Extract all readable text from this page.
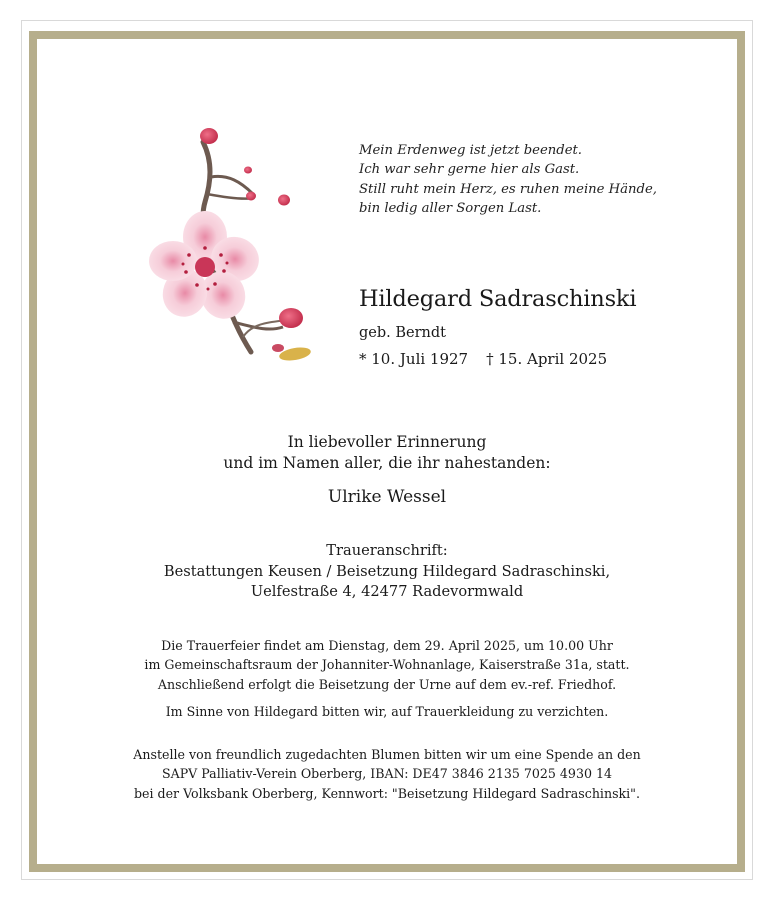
Mein Erdenweg ist jetzt beendet.
Ich war sehr gerne hier als Gast.
Still ruht mein Herz, es ruhen meine Hände,
bin ledig aller Sorgen Last.
Hildegard Sadraschinski
geb. Berndt
* 10. Juli 1927 † 15. April 2025
In liebevoller Erinnerung
und im Namen aller, die ihr nahestanden:
Ulrike Wessel
Traueranschrift:
Bestattungen Keusen / Beisetzung Hildegard Sadraschinski,
Uelfestraße 4, 42477 Radevormwald
Die Trauerfeier findet am Dienstag, dem 29. April 2025, um 10.00 Uhr
im Gemeinschaftsraum der Johanniter-Wohnanlage, Kaiserstraße 31a, statt.
Anschließend erfolgt die Beisetzung der Urne auf dem ev.-ref. Friedhof.
Im Sinne von Hildegard bitten wir, auf Trauerkleidung zu verzichten.
Anstelle von freundlich zugedachten Blumen bitten wir um eine Spende an den
SAPV Palliativ-Verein Oberberg, IBAN: DE47 3846 2135 7025 4930 14
bei der Volksbank Oberberg, Kennwort: "Beisetzung Hildegard Sadraschinski".
